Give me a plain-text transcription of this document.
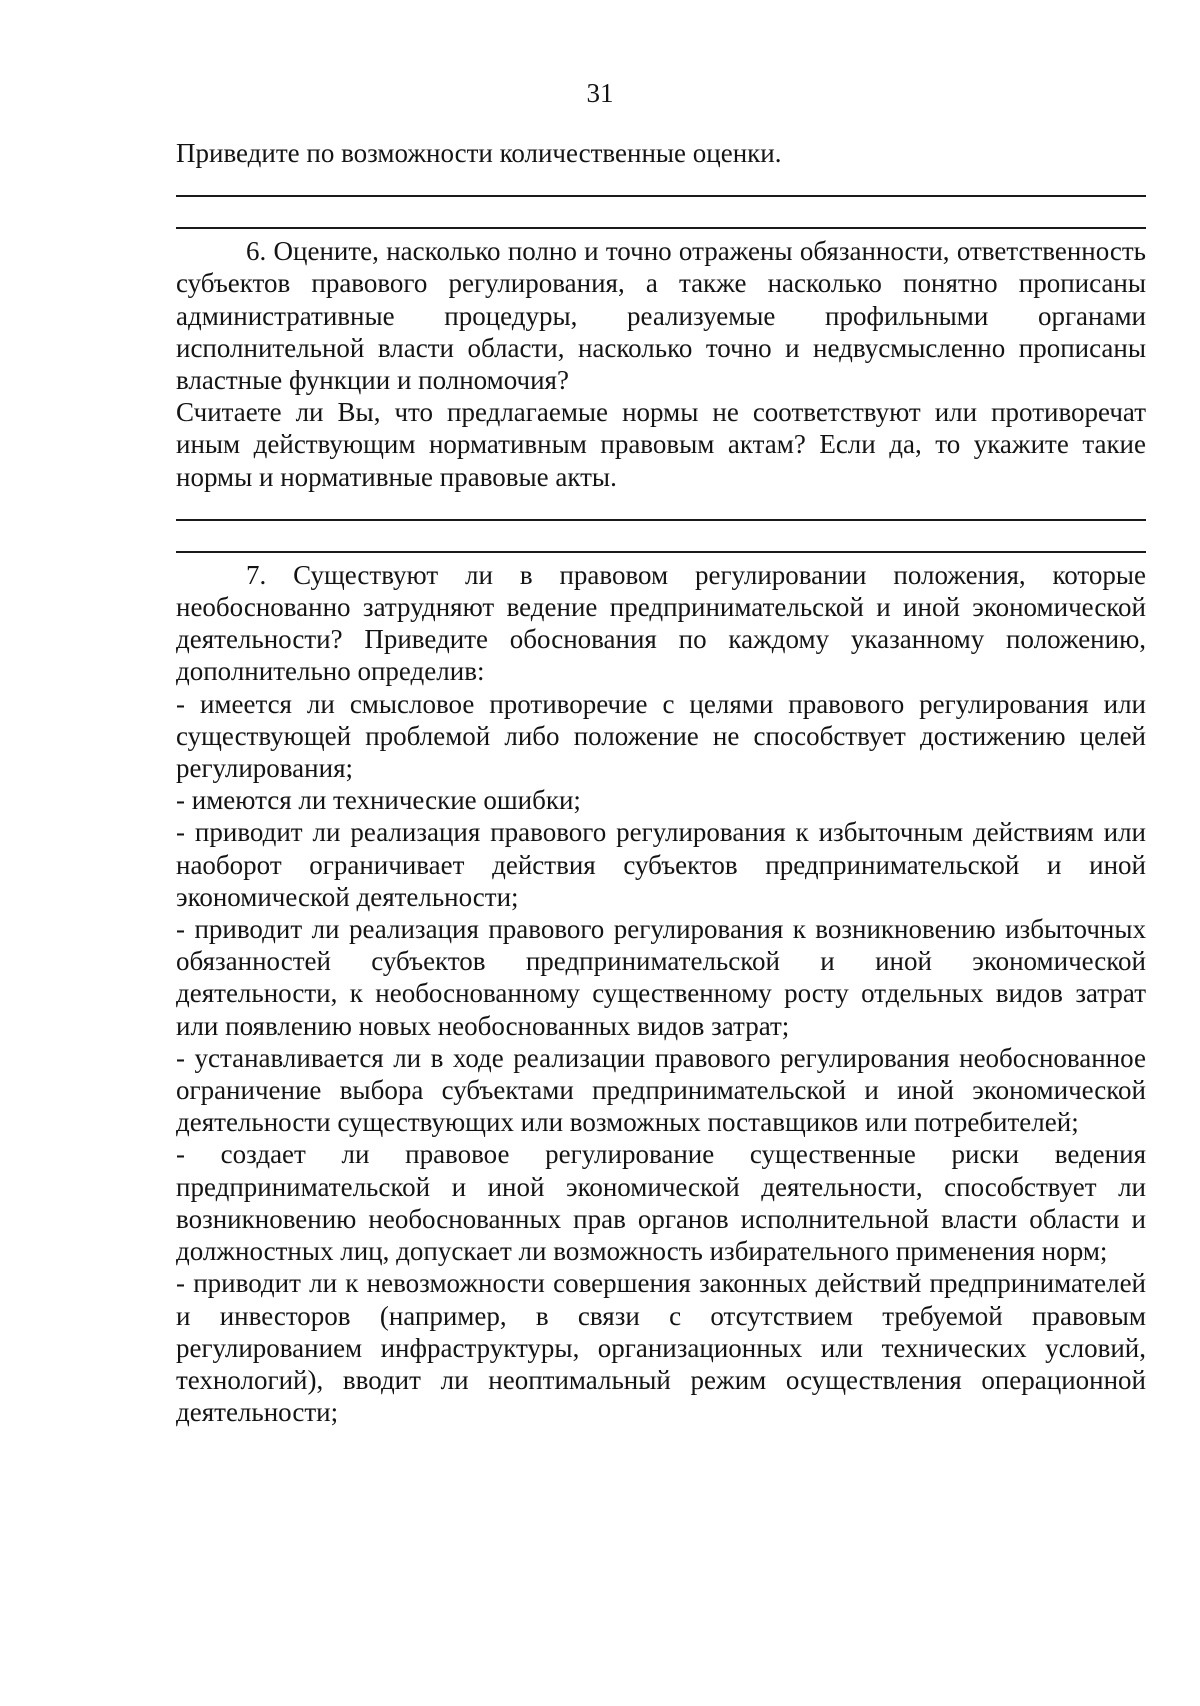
31

Приведите по возможности количественные оценки.

6. Оцените, насколько полно и точно отражены обязанности, ответственность субъектов правового регулирования, а также насколько понятно прописаны административные процедуры, реализуемые профильными органами исполнительной власти области, насколько точно и недвусмысленно прописаны властные функции и полномочия?

Считаете ли Вы, что предлагаемые нормы не соответствуют или противоречат иным действующим нормативным правовым актам? Если да, то укажите такие нормы и нормативные правовые акты.

7. Существуют ли в правовом регулировании положения, которые необоснованно затрудняют ведение предпринимательской и иной экономической деятельности? Приведите обоснования по каждому указанному положению, дополнительно определив:

- имеется ли смысловое противоречие с целями правового регулирования или существующей проблемой либо положение не способствует достижению целей регулирования;

- имеются ли технические ошибки;

- приводит ли реализация правового регулирования к избыточным действиям или наоборот ограничивает действия субъектов предпринимательской и иной экономической деятельности;

- приводит ли реализация правового регулирования к возникновению избыточных обязанностей субъектов предпринимательской и иной экономической деятельности, к необоснованному существенному росту отдельных видов затрат или появлению новых необоснованных видов затрат;

- устанавливается ли в ходе реализации правового регулирования необоснованное ограничение выбора субъектами предпринимательской и иной экономической деятельности существующих или возможных поставщиков или потребителей;

- создает ли правовое регулирование существенные риски ведения предпринимательской и иной экономической деятельности, способствует ли возникновению необоснованных прав органов исполнительной власти области и должностных лиц, допускает ли возможность избирательного применения норм;

- приводит ли к невозможности совершения законных действий предпринимателей и инвесторов (например, в связи с отсутствием требуемой правовым регулированием инфраструктуры, организационных или технических условий, технологий), вводит ли неоптимальный режим осуществления операционной деятельности;
